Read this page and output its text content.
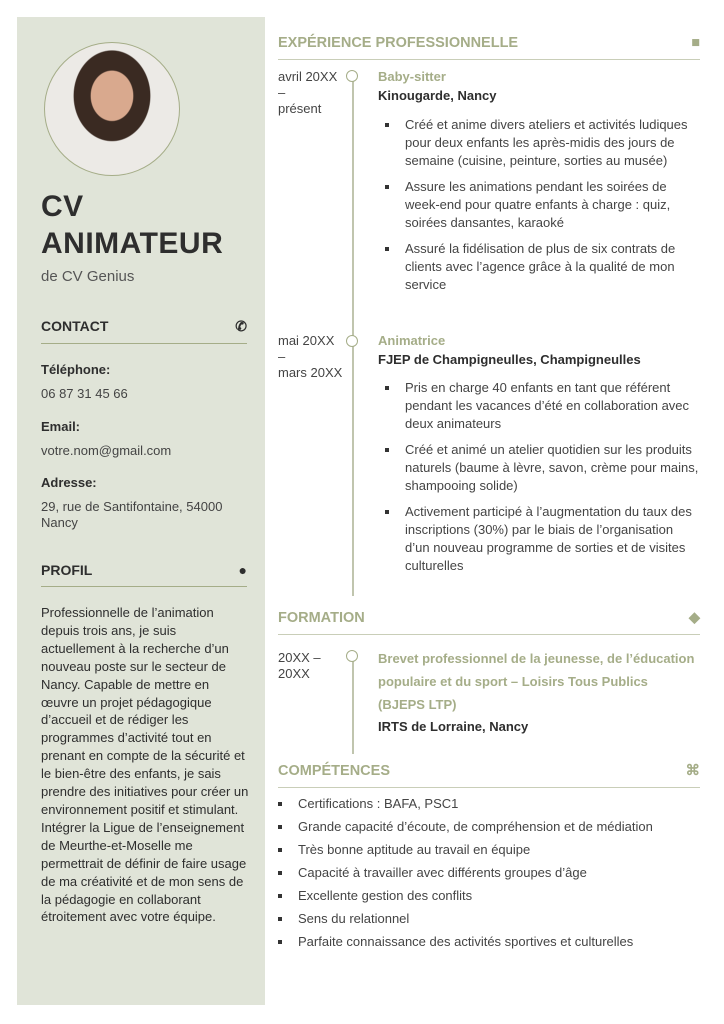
CV
ANIMATEUR
de CV Genius
CONTACT	✆
Téléphone:
06 87 31 45 66
Email:
votre.nom@gmail.com
Adresse:
29, rue de Santifontaine, 54000 Nancy
PROFIL	●
Professionnelle de l’animation depuis trois ans, je suis actuellement à la recherche d’un nouveau poste sur le secteur de Nancy. Capable de mettre en œuvre un projet pédagogique d’accueil et de rédiger les programmes d’activité tout en prenant en compte de la sécurité et le bien-être des enfants, je sais prendre des initiatives pour créer un environnement positif et stimulant. Intégrer la Ligue de l’enseignement de Meurthe-et-Moselle me permettrait de définir de faire usage de ma créativité et de mon sens de la pédagogie en collaborant étroitement avec votre équipe.
EXPÉRIENCE PROFESSIONNELLE	■
avril 20XX
–
présent
Baby-sitter
Kinougarde, Nancy
Créé et anime divers ateliers et activités ludiques pour deux enfants les après-midis des jours de semaine (cuisine, peinture, sorties au musée)
Assure les animations pendant les soirées de week-end pour quatre enfants à charge : quiz, soirées dansantes, karaoké
Assuré la fidélisation de plus de six contrats de clients avec l’agence grâce à la qualité de mon service
mai 20XX
–
mars 20XX
Animatrice
FJEP de Champigneulles, Champigneulles
Pris en charge 40 enfants en tant que référent pendant les vacances d’été en collaboration avec deux animateurs
Créé et animé un atelier quotidien sur les produits naturels (baume à lèvre, savon, crème pour mains, shampooing solide)
Activement participé à l’augmentation du taux des inscriptions (30%) par le biais de l’organisation d’un nouveau programme de sorties et de visites culturelles
FORMATION	◆
20XX – 20XX
Brevet professionnel de la jeunesse, de l’éducation populaire et du sport – Loisirs Tous Publics (BJEPS LTP)
IRTS de Lorraine, Nancy
COMPÉTENCES	⌘
Certifications : BAFA, PSC1
Grande capacité d’écoute, de compréhension et de médiation
Très bonne aptitude au travail en équipe
Capacité à travailler avec différents groupes d’âge
Excellente gestion des conflits
Sens du relationnel
Parfaite connaissance des activités sportives et culturelles
